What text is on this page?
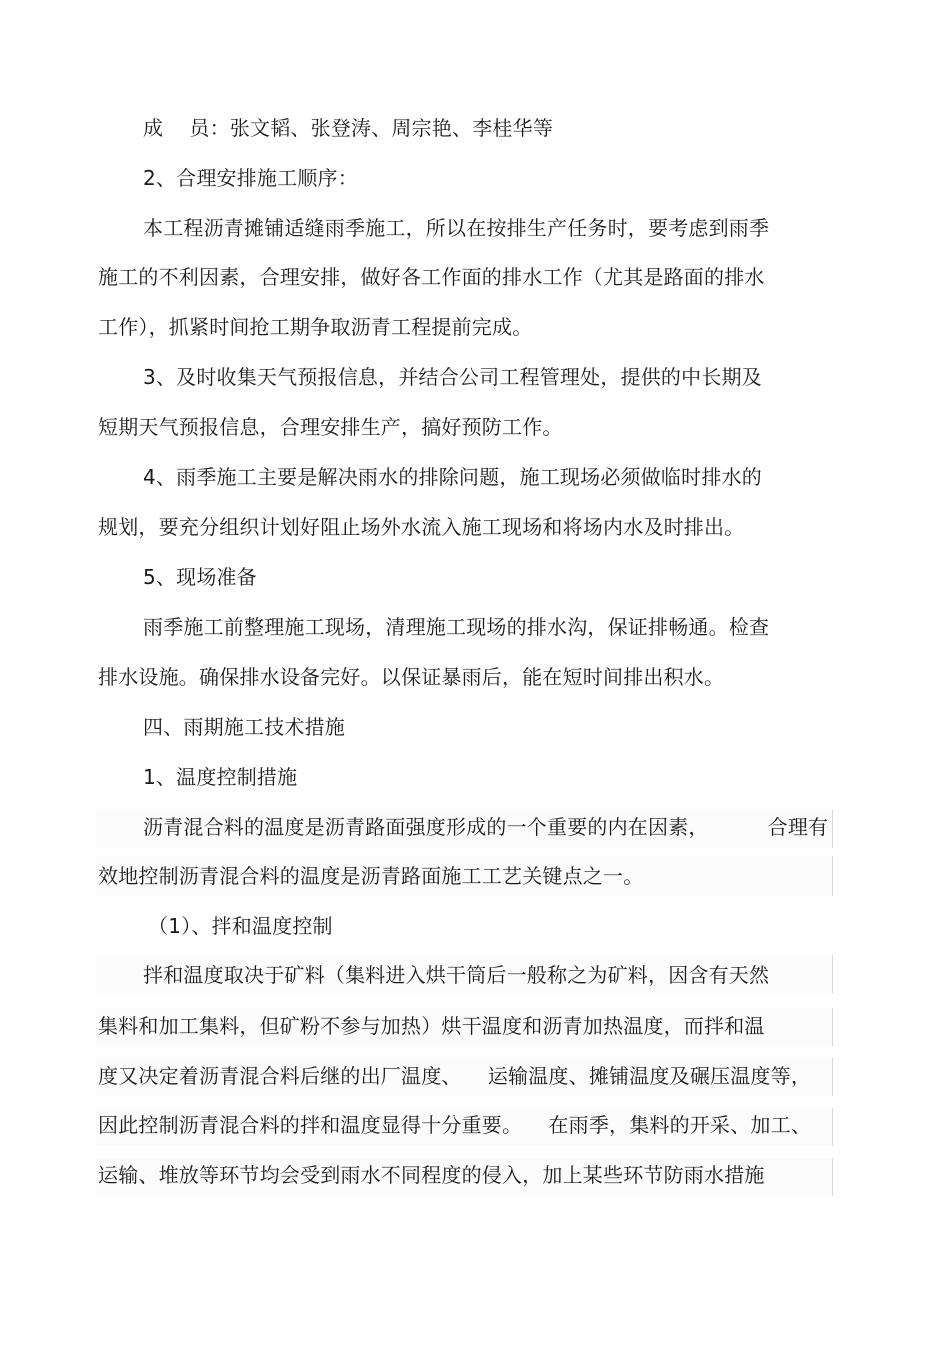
成    员：张文韬、张登涛、周宗艳、李桂华等
2、合理安排施工顺序：
本工程沥青摊铺适缝雨季施工，所以在按排生产任务时，要考虑到雨季
施工的不利因素，合理安排，做好各工作面的排水工作（尤其是路面的排水
工作），抓紧时间抢工期争取沥青工程提前完成。
3、及时收集天气预报信息，并结合公司工程管理处，提供的中长期及
短期天气预报信息，合理安排生产，搞好预防工作。
4、雨季施工主要是解决雨水的排除问题，施工现场必须做临时排水的
规划，要充分组织计划好阻止场外水流入施工现场和将场内水及时排出。
5、现场准备
雨季施工前整理施工现场，清理施工现场的排水沟，保证排畅通。检查
排水设施。确保排水设备完好。以保证暴雨后，能在短时间排出积水。
四、雨期施工技术措施
1、温度控制措施
沥青混合料的温度是沥青路面强度形成的一个重要的内在因素，         合理有
效地控制沥青混合料的温度是沥青路面施工工艺关键点之一。
（1）、拌和温度控制
拌和温度取决于矿料（集料进入烘干筒后一般称之为矿料，因含有天然
集料和加工集料，但矿粉不参与加热）烘干温度和沥青加热温度，而拌和温
度又决定着沥青混合料后继的出厂温度、    运输温度、摊铺温度及碾压温度等，
因此控制沥青混合料的拌和温度显得十分重要。    在雨季，集料的开采、加工、
运输、堆放等环节均会受到雨水不同程度的侵入，加上某些环节防雨水措施
